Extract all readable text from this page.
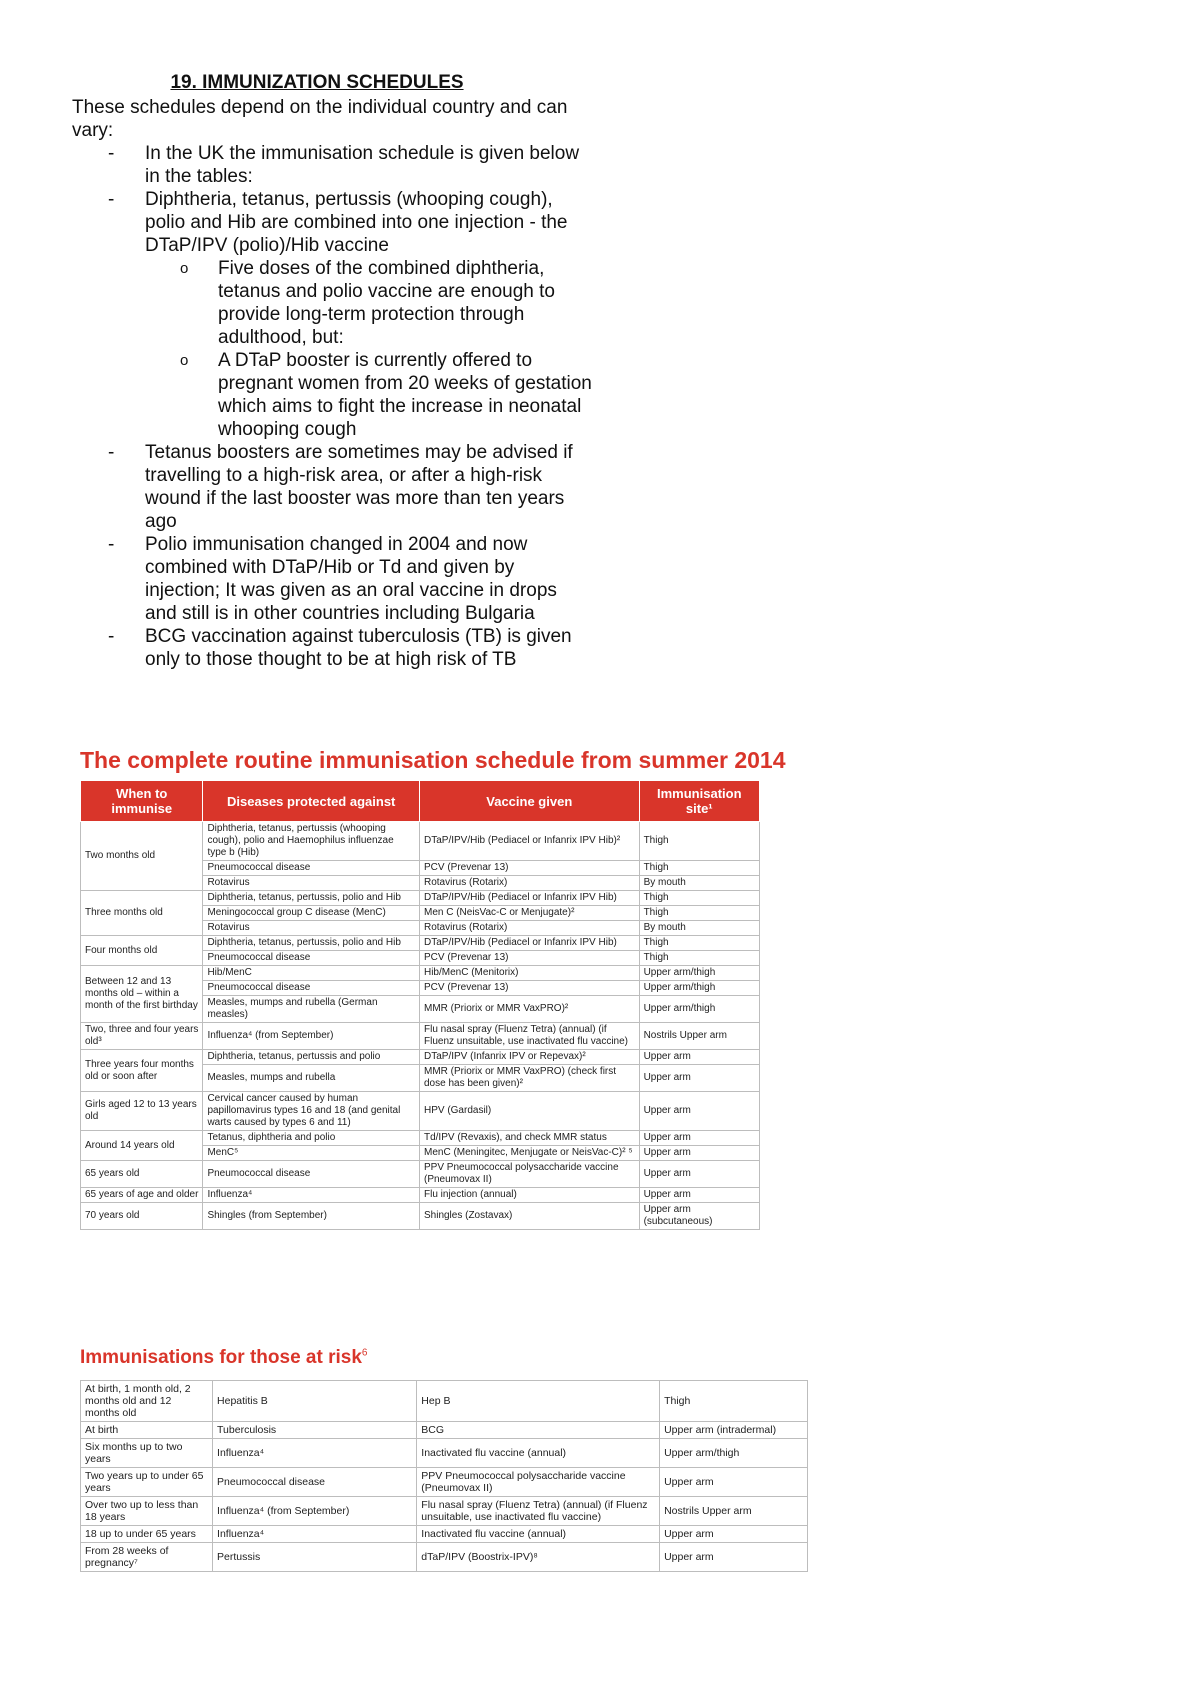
19. IMMUNIZATION SCHEDULES

These schedules depend on the individual country and can vary:

- In the UK the immunisation schedule is given below in the tables:
- Diphtheria, tetanus, pertussis (whooping cough), polio and Hib are combined into one injection - the DTaP/IPV (polio)/Hib vaccine
o Five doses of the combined diphtheria, tetanus and polio vaccine are enough to provide long-term protection through adulthood, but:
o A DTaP booster is currently offered to pregnant women from 20 weeks of gestation which aims to fight the increase in neonatal whooping cough
- Tetanus boosters are sometimes may be advised if travelling to a high-risk area, or after a high-risk wound if the last booster was more than ten years ago
- Polio immunisation changed in 2004 and now combined with DTaP/Hib or Td and given by injection; It was given as an oral vaccine in drops and still is in other countries including Bulgaria
- BCG vaccination against tuberculosis (TB) is given only to those thought to be at high risk of TB
The complete routine immunisation schedule from summer 2014
When to immunise	Diseases protected against	Vaccine given	Immunisation site¹
Two months old	Diphtheria, tetanus, pertussis (whooping cough), polio and Haemophilus influenzae type b (Hib)	DTaP/IPV/Hib (Pediacel or Infanrix IPV Hib)²	Thigh
	Pneumococcal disease	PCV (Prevenar 13)	Thigh
	Rotavirus	Rotavirus (Rotarix)	By mouth
Three months old	Diphtheria, tetanus, pertussis, polio and Hib	DTaP/IPV/Hib (Pediacel or Infanrix IPV Hib)	Thigh
	Meningococcal group C disease (MenC)	Men C (NeisVac-C or Menjugate)²	Thigh
	Rotavirus	Rotavirus (Rotarix)	By mouth
Four months old	Diphtheria, tetanus, pertussis, polio and Hib	DTaP/IPV/Hib (Pediacel or Infanrix IPV Hib)	Thigh
	Pneumococcal disease	PCV (Prevenar 13)	Thigh
Between 12 and 13 months old – within a month of the first birthday	Hib/MenC	Hib/MenC (Menitorix)	Upper arm/thigh
	Pneumococcal disease	PCV (Prevenar 13)	Upper arm/thigh
	Measles, mumps and rubella (German measles)	MMR (Priorix or MMR VaxPRO)²	Upper arm/thigh
Two, three and four years old³	Influenza⁴ (from September)	Flu nasal spray (Fluenz Tetra) (annual) (if Fluenz unsuitable, use inactivated flu vaccine)	Nostrils Upper arm
Three years four months old or soon after	Diphtheria, tetanus, pertussis and polio	DTaP/IPV (Infanrix IPV or Repevax)²	Upper arm
	Measles, mumps and rubella	MMR (Priorix or MMR VaxPRO) (check first dose has been given)²	Upper arm
Girls aged 12 to 13 years old	Cervical cancer caused by human papillomavirus types 16 and 18 (and genital warts caused by types 6 and 11)	HPV (Gardasil)	Upper arm
Around 14 years old	Tetanus, diphtheria and polio	Td/IPV (Revaxis), and check MMR status	Upper arm
	MenC⁵	MenC (Meningitec, Menjugate or NeisVac-C)² ⁵	Upper arm
65 years old	Pneumococcal disease	PPV Pneumococcal polysaccharide vaccine (Pneumovax II)	Upper arm
65 years of age and older	Influenza⁴	Flu injection (annual)	Upper arm
70 years old	Shingles (from September)	Shingles (Zostavax)	Upper arm (subcutaneous)
Immunisations for those at risk$^6$
At birth, 1 month old, 2 months old and 12 months old	Hepatitis B	Hep B	Thigh
At birth	Tuberculosis	BCG	Upper arm (intradermal)
Six months up to two years	Influenza⁴	Inactivated flu vaccine (annual)	Upper arm/thigh
Two years up to under 65 years	Pneumococcal disease	PPV Pneumococcal polysaccharide vaccine (Pneumovax II)	Upper arm
Over two up to less than 18 years	Influenza⁴ (from September)	Flu nasal spray (Fluenz Tetra) (annual) (if Fluenz unsuitable, use inactivated flu vaccine)	Nostrils Upper arm
18 up to under 65 years	Influenza⁴	Inactivated flu vaccine (annual)	Upper arm
From 28 weeks of pregnancy⁷	Pertussis	dTaP/IPV (Boostrix-IPV)⁸	Upper arm
